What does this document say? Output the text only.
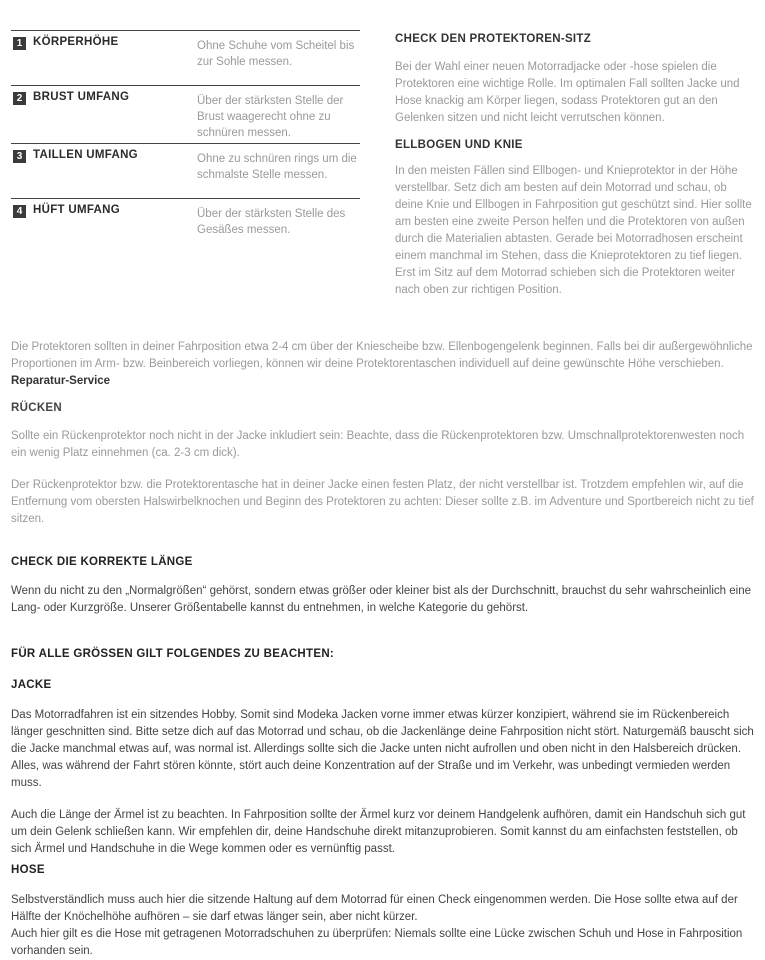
1 KÖRPERHÖHE	Ohne Schuhe vom Scheitel bis zur Sohle messen.
2 BRUST UMFANG	Über der stärksten Stelle der Brust waagerecht ohne zu schnüren messen.
3 TAILLEN UMFANG	Ohne zu schnüren rings um die schmalste Stelle messen.
4 HÜFT UMFANG	Über der stärksten Stelle des Gesäßes messen.
CHECK DEN PROTEKTOREN-SITZ

Bei der Wahl einer neuen Motorradjacke oder -hose spielen die Protektoren eine wichtige Rolle. Im optimalen Fall sollten Jacke und Hose knackig am Körper liegen, sodass Protektoren gut an den Gelenken sitzen und nicht leicht verrutschen können.

ELLBOGEN UND KNIE

In den meisten Fällen sind Ellbogen- und Knieprotektor in der Höhe verstellbar. Setz dich am besten auf dein Motorrad und schau, ob deine Knie und Ellbogen in Fahrposition gut geschützt sind. Hier sollte am besten eine zweite Person helfen und die Protektoren von außen durch die Materialien abtasten. Gerade bei Motorradhosen erscheint einem manchmal im Stehen, dass die Knieprotektoren zu tief liegen. Erst im Sitz auf dem Motorrad schieben sich die Protektoren weiter nach oben zur richtigen Position.

Die Protektoren sollten in deiner Fahrposition etwa 2-4 cm über der Kniescheibe bzw. Ellenbogengelenk beginnen. Falls bei dir außergewöhnliche Proportionen im Arm- bzw. Beinbereich vorliegen, können wir deine Protektorentaschen individuell auf deine gewünschte Höhe verschieben. Reparatur-Service

RÜCKEN

Sollte ein Rückenprotektor noch nicht in der Jacke inkludiert sein: Beachte, dass die Rückenprotektoren bzw. Umschnallprotektorenwesten noch ein wenig Platz einnehmen (ca. 2-3 cm dick).

Der Rückenprotektor bzw. die Protektorentasche hat in deiner Jacke einen festen Platz, der nicht verstellbar ist. Trotzdem empfehlen wir, auf die Entfernung vom obersten Halswirbelknochen und Beginn des Protektoren zu achten: Dieser sollte z.B. im Adventure und Sportbereich nicht zu tief sitzen.

CHECK DIE KORREKTE LÄNGE

Wenn du nicht zu den „Normalgrößen“ gehörst, sondern etwas größer oder kleiner bist als der Durchschnitt, brauchst du sehr wahrscheinlich eine Lang- oder Kurzgröße. Unserer Größentabelle kannst du entnehmen, in welche Kategorie du gehörst.

FÜR ALLE GRÖSSEN GILT FOLGENDES ZU BEACHTEN:
JACKE

Das Motorradfahren ist ein sitzendes Hobby. Somit sind Modeka Jacken vorne immer etwas kürzer konzipiert, während sie im Rückenbereich länger geschnitten sind. Bitte setze dich auf das Motorrad und schau, ob die Jackenlänge deine Fahrposition nicht stört. Naturgemäß bauscht sich die Jacke manchmal etwas auf, was normal ist. Allerdings sollte sich die Jacke unten nicht aufrollen und oben nicht in den Halsbereich drücken. Alles, was während der Fahrt stören könnte, stört auch deine Konzentration auf der Straße und im Verkehr, was unbedingt vermieden werden muss.

Auch die Länge der Ärmel ist zu beachten. In Fahrposition sollte der Ärmel kurz vor deinem Handgelenk aufhören, damit ein Handschuh sich gut um dein Gelenk schließen kann. Wir empfehlen dir, deine Handschuhe direkt mitanzuprobieren. Somit kannst du am einfachsten feststellen, ob sich Ärmel und Handschuhe in die Wege kommen oder es vernünftig passt.

HOSE

Selbstverständlich muss auch hier die sitzende Haltung auf dem Motorrad für einen Check eingenommen werden. Die Hose sollte etwa auf der Hälfte der Knöchelhöhe aufhören – sie darf etwas länger sein, aber nicht kürzer.

Auch hier gilt es die Hose mit getragenen Motorradschuhen zu überprüfen: Niemals sollte eine Lücke zwischen Schuh und Hose in Fahrposition vorhanden sein.
